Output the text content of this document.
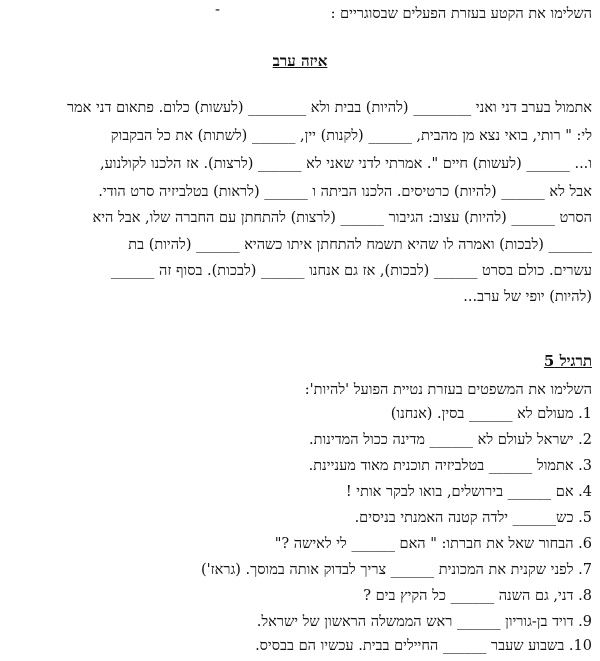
-	השלימו את הקטע בעזרת הפעלים שבסוגריים :
איזה ערב
אתמול בערב דני ואני ________ (להיות) בבית ולא ________ (לעשות) כלום. פתאום דני אמר
לי: " רותי, בואי נצא מן מהבית, ______ (לקנות) יין, ______ (לשתות) את כל הבקבוק
ו... ______ (לעשות) חיים ". אמרתי לדני שאני לא ______ (לרצות). אז הלכנו לקולנוע,
אבל לא ______ (להיות) כרטיסים. הלכנו הביתה ו ______ (לראות) בטלביזיה סרט הודי.
הסרט ______ (להיות) עצוב: הגיבור ______ (לרצות) להתחתן עם החברה שלו, אבל היא
______ (לבכות) ואמרה לו שהיא תשמח להתחתן איתו כשהיא ______ (להיות) בת
עשרים. כולם בסרט ______ (לבכות), אז גם אנחנו ______ (לבכות). בסוף זה ______
(להיות) יופי של ערב...
תרגיל 5
השלימו את המשפטים בעזרת נטיית הפועל 'להיות':
1. מעולם לא ______ בסין. (אנחנו)
2. ישראל לעולם לא ______ מדינה ככול המדינות.
3. אתמול ______ בטלביזיה תוכנית מאוד מעניינת.
4. אם ______ בירושלים, בואו לבקר אותי !
5. כש______ ילדה קטנה האמנתי בניסים.
6. הבחור שאל את חברתו: " האם ______ לי לאישה ?"
7. לפני שקנית את המכונית ______ צריך לבדוק אותה במוסך. (גראז')
8. דני, גם השנה ______ כל הקיץ בים ?
9. דויד בן-גוריון ______ ראש הממשלה הראשון של ישראל.
10. בשבוע שעבר ______ החיילים בבית. עכשיו הם בבסיס.
